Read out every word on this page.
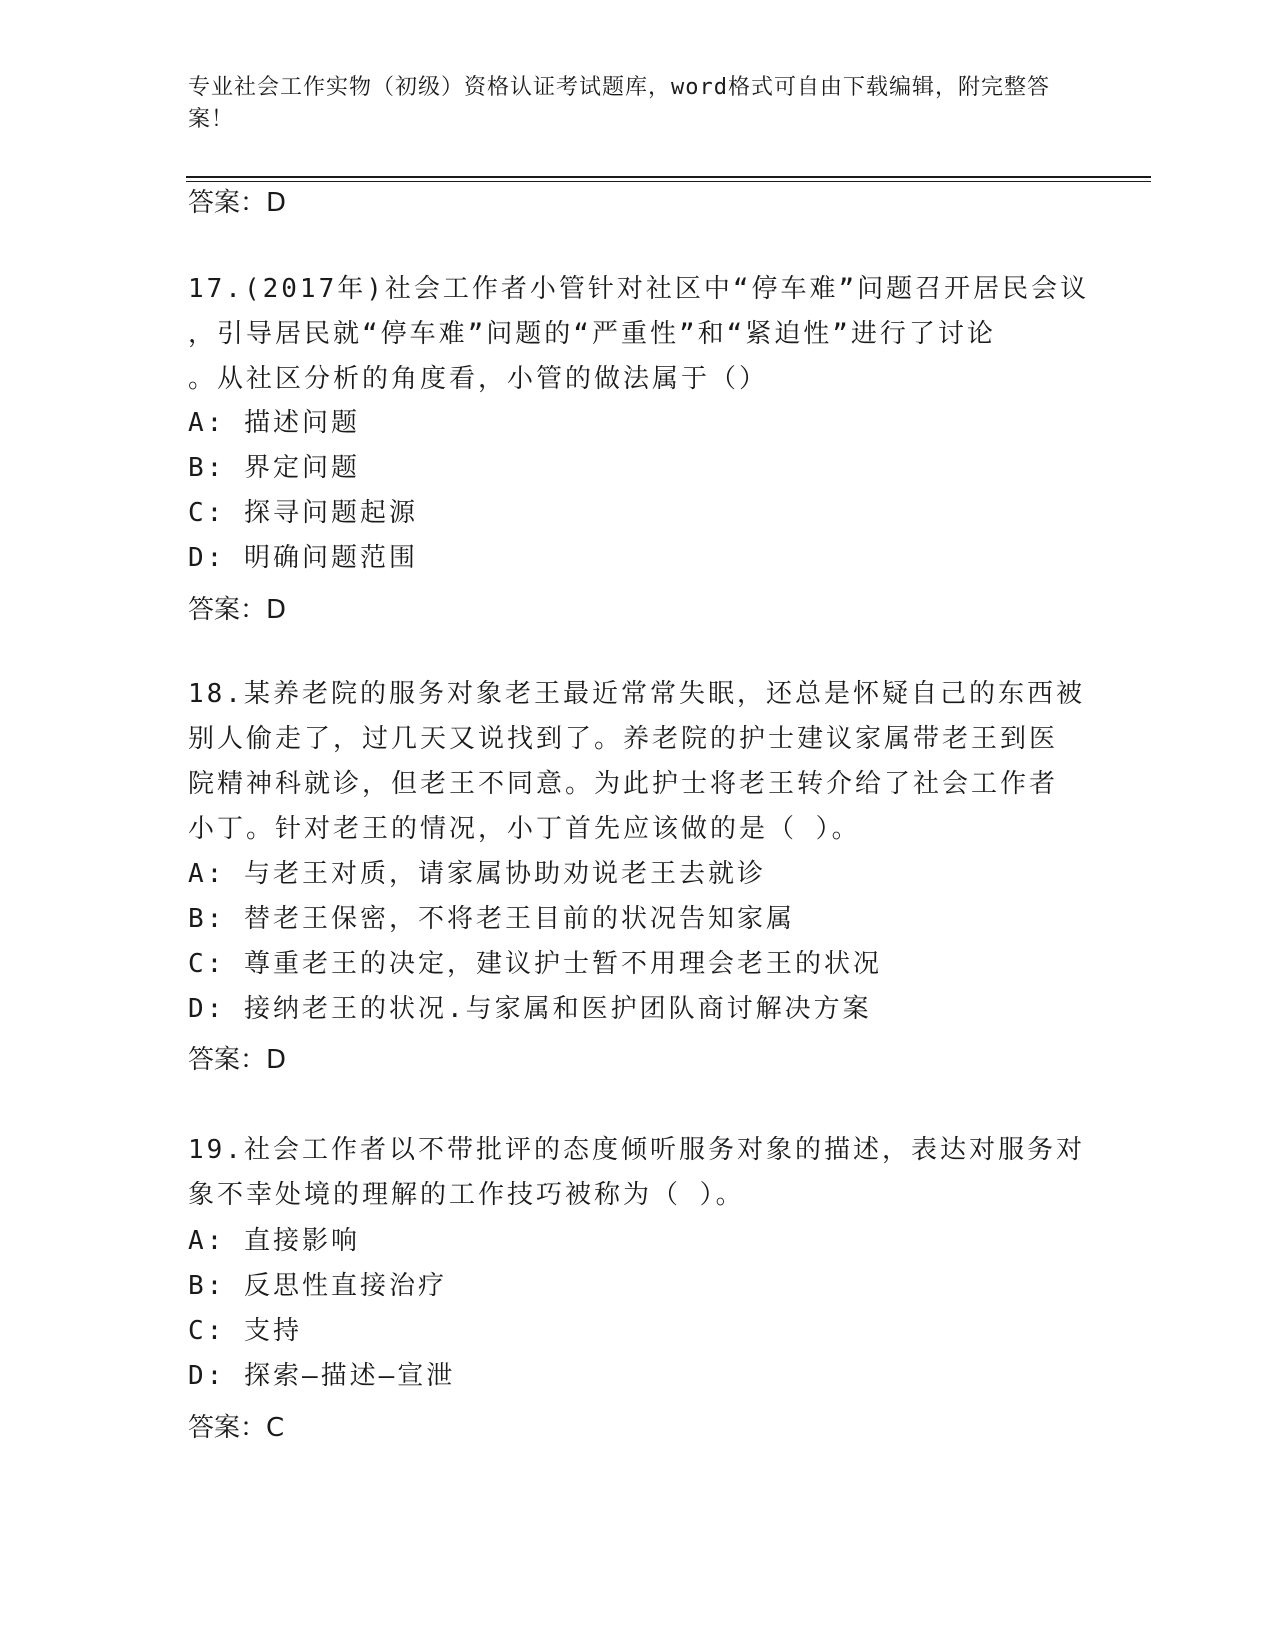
专业社会工作实物（初级）资格认证考试题库，word格式可自由下载编辑，附完整答案！
答案：D
17.(2017年)社会工作者小管针对社区中“停车难”问题召开居民会议
，引导居民就“停车难”问题的“严重性”和“紧迫性”进行了讨论
。从社区分析的角度看，小管的做法属于（）
A: 描述问题
B: 界定问题
C: 探寻问题起源
D: 明确问题范围
答案：D
18.某养老院的服务对象老王最近常常失眠，还总是怀疑自己的东西被
别人偷走了，过几天又说找到了。养老院的护士建议家属带老王到医
院精神科就诊，但老王不同意。为此护士将老王转介给了社会工作者
小丁。针对老王的情况，小丁首先应该做的是（ ）。
A: 与老王对质，请家属协助劝说老王去就诊
B: 替老王保密，不将老王目前的状况告知家属
C: 尊重老王的决定，建议护士暂不用理会老王的状况
D: 接纳老王的状况.与家属和医护团队商讨解决方案
答案：D
19.社会工作者以不带批评的态度倾听服务对象的描述，表达对服务对
象不幸处境的理解的工作技巧被称为（ ）。
A: 直接影响
B: 反思性直接治疗
C: 支持
D: 探索—描述—宣泄
答案：C
